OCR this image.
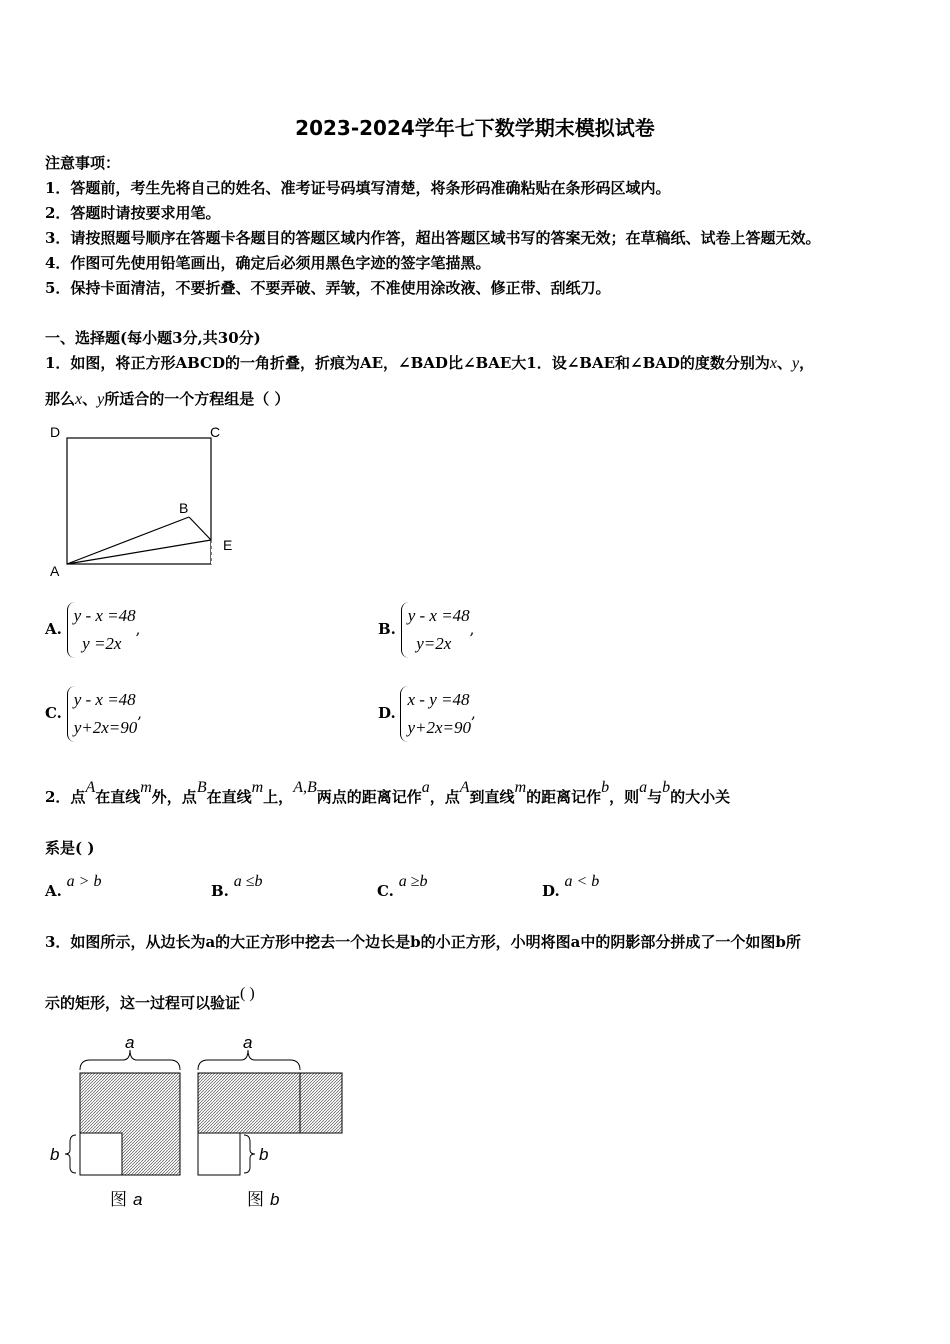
2023-2024学年七下数学期末模拟试卷
注意事项：
1．答题前，考生先将自己的姓名、准考证号码填写清楚，将条形码准确粘贴在条形码区域内。
2．答题时请按要求用笔。
3．请按照题号顺序在答题卡各题目的答题区域内作答，超出答题区域书写的答案无效；在草稿纸、试卷上答题无效。
4．作图可先使用铅笔画出，确定后必须用黑色字迹的签字笔描黑。
5．保持卡面清洁，不要折叠、不要弄破、弄皱，不准使用涂改液、修正带、刮纸刀。
一、选择题(每小题3分,共30分)
1．如图，将正方形ABCD的一角折叠，折痕为AE，∠BAD比∠BAE大1．设∠BAE和∠BAD的度数分别为x、y，
那么x、y所适合的一个方程组是（ ）
D	C
B
E
A
A. y - x =48
y =2x,	B. y - x =48
y=2x,
C. y - x =48
y+2x=90,	D. x - y =48
y+2x=90,
2．点A在直线m外，点B在直线m上，A,B两点的距离记作a，点A到直线m的距离记作b，则a与b的大小关
系是( )
A. a > b
B. a ≤b
C. a ≥b
D. a < b
3．如图所示，从边长为a的大正方形中挖去一个边长是b的小正方形，小明将图a中的阴影部分拼成了一个如图b所
示的矩形，这一过程可以验证( )
a
b
图 a
a
b
图 b
